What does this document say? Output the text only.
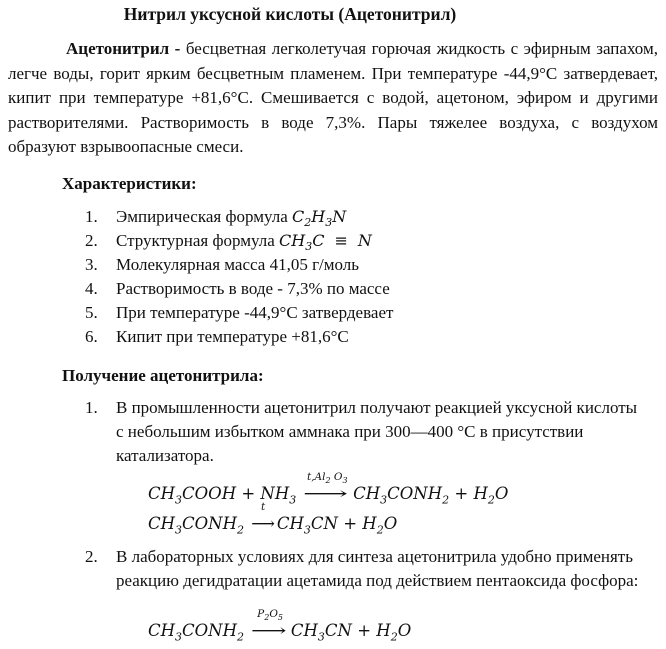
Нитрил уксусной кислоты (Ацетонитрил)
Ацетонитрил - бесцветная легколетучая горючая жидкость с эфирным запахом, легче воды, горит ярким бесцветным пламенем. При температуре -44,9°С затвердевает, кипит при температуре +81,6°С. Смешивается с водой, ацетоном, эфиром и другими растворителями. Растворимость в воде 7,3%. Пары тяжелее воздуха, с воздухом образуют взрывоопасные смеси.
Характеристики:
1. Эмпирическая формула $C_2H_3N$
2. Структурная формула $CH_3C \equiv N$
3. Молекулярная масса 41,05 г/моль
4. Растворимость в воде - 7,3% по массе
5. При температуре -44,9°С затвердевает
6. Кипит при температуре +81,6°С
Получение ацетонитрила:
1. В промышленности ацетонитрил получают реакцией уксусной кислоты с небольшим избытком аммнака при 300—400 °C в присутствии катализатора.
$CH_3COOH + NH_3$
$t,Al_2$ $O_3$
⟶ $CH_3CONH_2 + H_2O$
$CH_3CONH_2$
t
⟶ $CH_3CN + H_2O$
2. В лабораторных условиях для синтеза ацетонитрила удобно применять реакцию дегидратации ацетамида под действием пентаоксида фосфора:
$CH_3CONH_2$
$P_2O_5$
⟶ $CH_3CN + H_2O$
